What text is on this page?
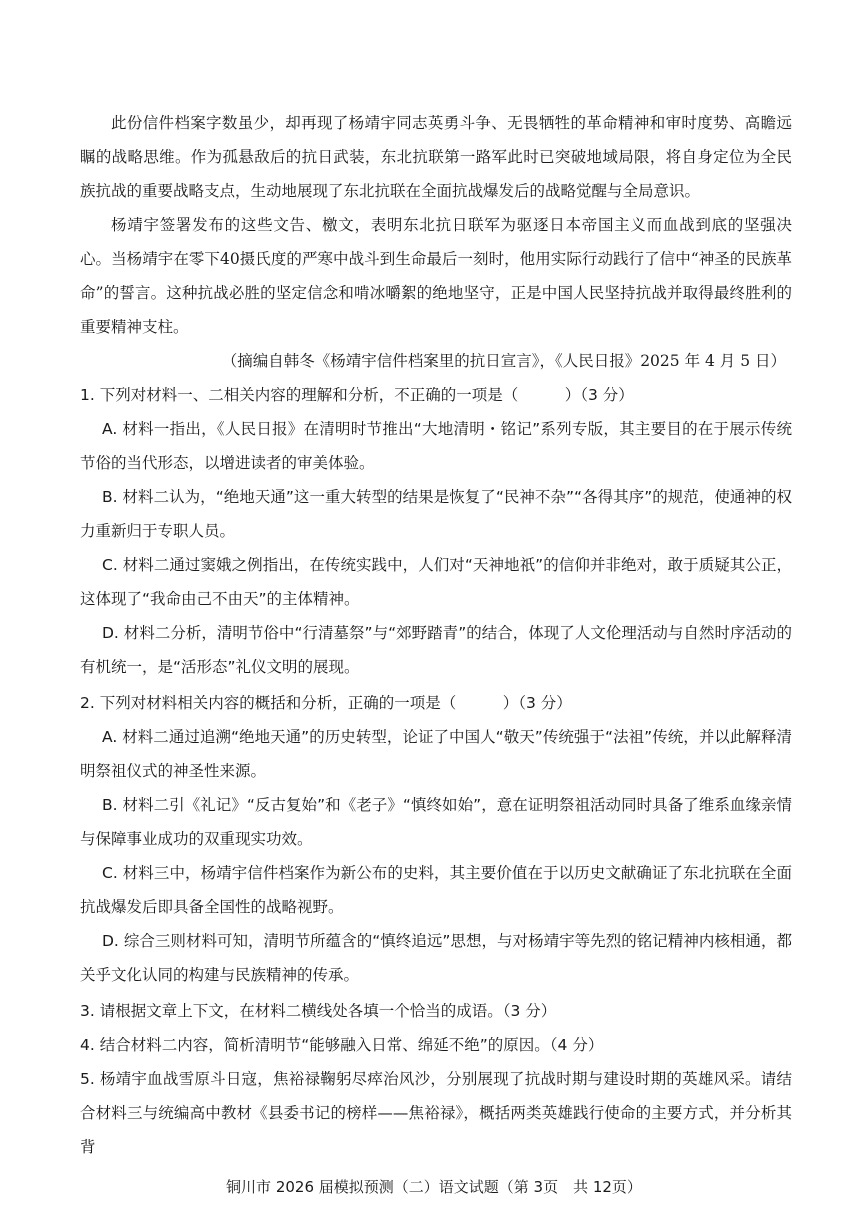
此份信件档案字数虽少，却再现了杨靖宇同志英勇斗争、无畏牺牲的革命精神和审时度势、高瞻远瞩的战略思维。作为孤悬敌后的抗日武装，东北抗联第一路军此时已突破地域局限，将自身定位为全民族抗战的重要战略支点，生动地展现了东北抗联在全面抗战爆发后的战略觉醒与全局意识。

杨靖宇签署发布的这些文告、檄文，表明东北抗日联军为驱逐日本帝国主义而血战到底的坚强决心。当杨靖宇在零下40摄氏度的严寒中战斗到生命最后一刻时，他用实际行动践行了信中“神圣的民族革命”的誓言。这种抗战必胜的坚定信念和啃冰嚼絮的绝地坚守，正是中国人民坚持抗战并取得最终胜利的重要精神支柱。

（摘编自韩冬《杨靖宇信件档案里的抗日宣言》，《人民日报》2025 年 4 月 5 日）

1. 下列对材料一、二相关内容的理解和分析，不正确的一项是（　　　）（3 分）

A. 材料一指出，《人民日报》在清明时节推出“大地清明・铭记”系列专版，其主要目的在于展示传统节俗的当代形态，以增进读者的审美体验。

B. 材料二认为，“绝地天通”这一重大转型的结果是恢复了“民神不杂”“各得其序”的规范，使通神的权力重新归于专职人员。

C. 材料二通过窦娥之例指出，在传统实践中，人们对“天神地祇”的信仰并非绝对，敢于质疑其公正，这体现了“我命由己不由天”的主体精神。

D. 材料二分析，清明节俗中“行清墓祭”与“郊野踏青”的结合，体现了人文伦理活动与自然时序活动的有机统一，是“活形态”礼仪文明的展现。

2. 下列对材料相关内容的概括和分析，正确的一项是（　　　）（3 分）

A. 材料二通过追溯“绝地天通”的历史转型，论证了中国人“敬天”传统强于“法祖”传统，并以此解释清明祭祖仪式的神圣性来源。

B. 材料二引《礼记》“反古复始”和《老子》“慎终如始”，意在证明祭祖活动同时具备了维系血缘亲情与保障事业成功的双重现实功效。

C. 材料三中，杨靖宇信件档案作为新公布的史料，其主要价值在于以历史文献确证了东北抗联在全面抗战爆发后即具备全国性的战略视野。

D. 综合三则材料可知，清明节所蕴含的“慎终追远”思想，与对杨靖宇等先烈的铭记精神内核相通，都关乎文化认同的构建与民族精神的传承。

3. 请根据文章上下文，在材料二横线处各填一个恰当的成语。（3 分）

4. 结合材料二内容，简析清明节“能够融入日常、绵延不绝”的原因。（4 分）

5. 杨靖宇血战雪原斗日寇，焦裕禄鞠躬尽瘁治风沙，分别展现了抗战时期与建设时期的英雄风采。请结合材料三与统编高中教材《县委书记的榜样——焦裕禄》，概括两类英雄践行使命的主要方式，并分析其背

铜川市 2026 届模拟预测（二）语文试题（第 3页　共 12页）
